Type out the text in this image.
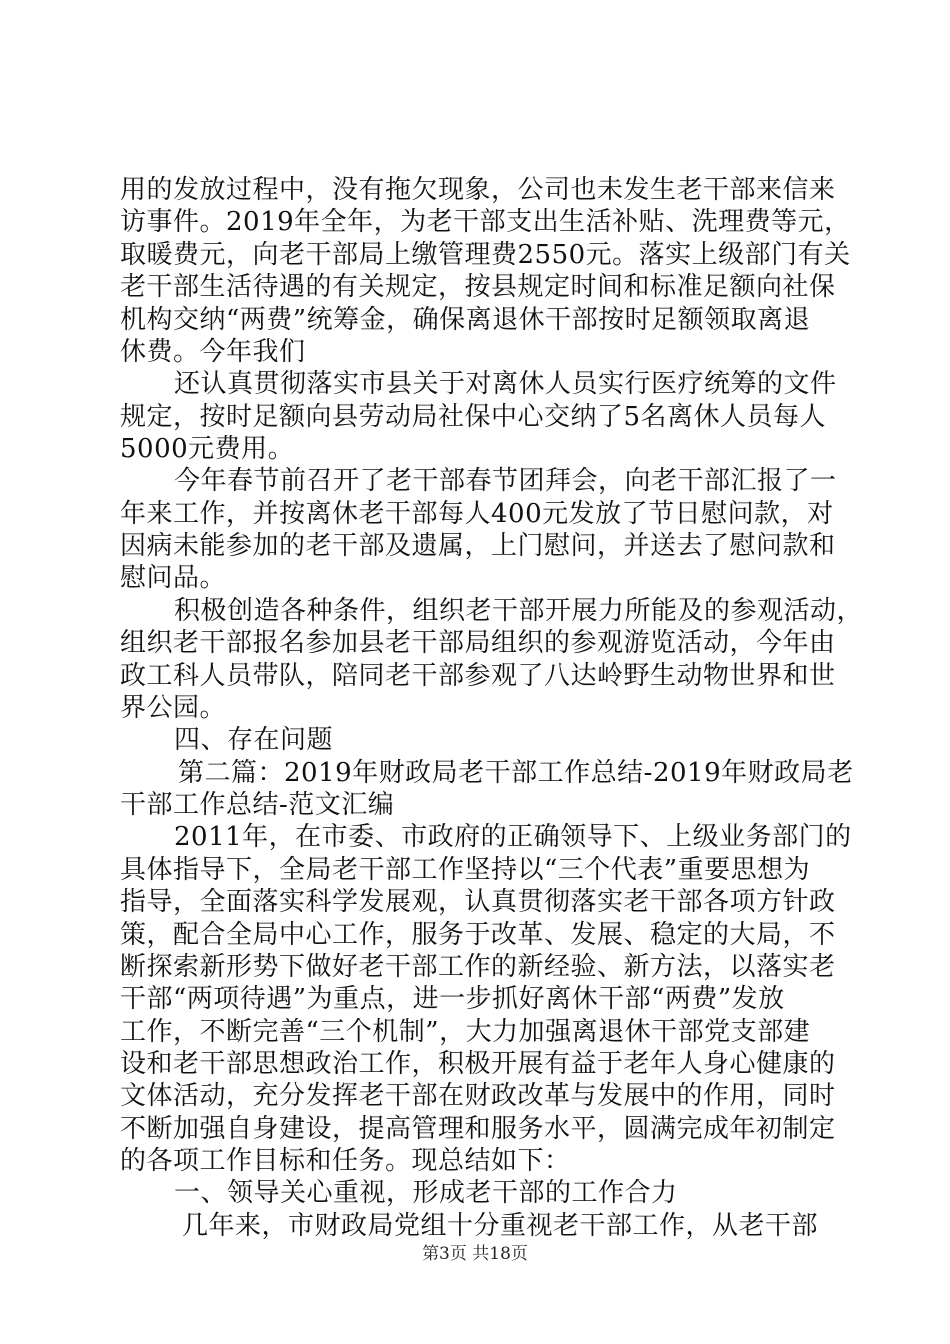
用的发放过程中，没有拖欠现象，公司也未发生老干部来信来
访事件。2019年全年，为老干部支出生活补贴、洗理费等元，
取暖费元，向老干部局上缴管理费2550元。落实上级部门有关
老干部生活待遇的有关规定，按县规定时间和标准足额向社保
机构交纳“两费”统筹金，确保离退休干部按时足额领取离退
休费。今年我们
还认真贯彻落实市县关于对离休人员实行医疗统筹的文件
规定，按时足额向县劳动局社保中心交纳了5名离休人员每人
5000元费用。
今年春节前召开了老干部春节团拜会，向老干部汇报了一
年来工作，并按离休老干部每人400元发放了节日慰问款，对
因病未能参加的老干部及遗属，上门慰问，并送去了慰问款和
慰问品。
积极创造各种条件，组织老干部开展力所能及的参观活动，
组织老干部报名参加县老干部局组织的参观游览活动，今年由
政工科人员带队，陪同老干部参观了八达岭野生动物世界和世
界公园。
四、存在问题
第二篇：2019年财政局老干部工作总结-2019年财政局老
干部工作总结-范文汇编
2011年，在市委、市政府的正确领导下、上级业务部门的
具体指导下，全局老干部工作坚持以“三个代表”重要思想为
指导，全面落实科学发展观，认真贯彻落实老干部各项方针政
策，配合全局中心工作，服务于改革、发展、稳定的大局，不
断探索新形势下做好老干部工作的新经验、新方法，以落实老
干部“两项待遇”为重点，进一步抓好离休干部“两费”发放
工作，不断完善“三个机制”，大力加强离退休干部党支部建
设和老干部思想政治工作，积极开展有益于老年人身心健康的
文体活动，充分发挥老干部在财政改革与发展中的作用，同时
不断加强自身建设，提高管理和服务水平，圆满完成年初制定
的各项工作目标和任务。现总结如下：
一、领导关心重视，形成老干部的工作合力
几年来，市财政局党组十分重视老干部工作，从老干部
第3页 共18页
